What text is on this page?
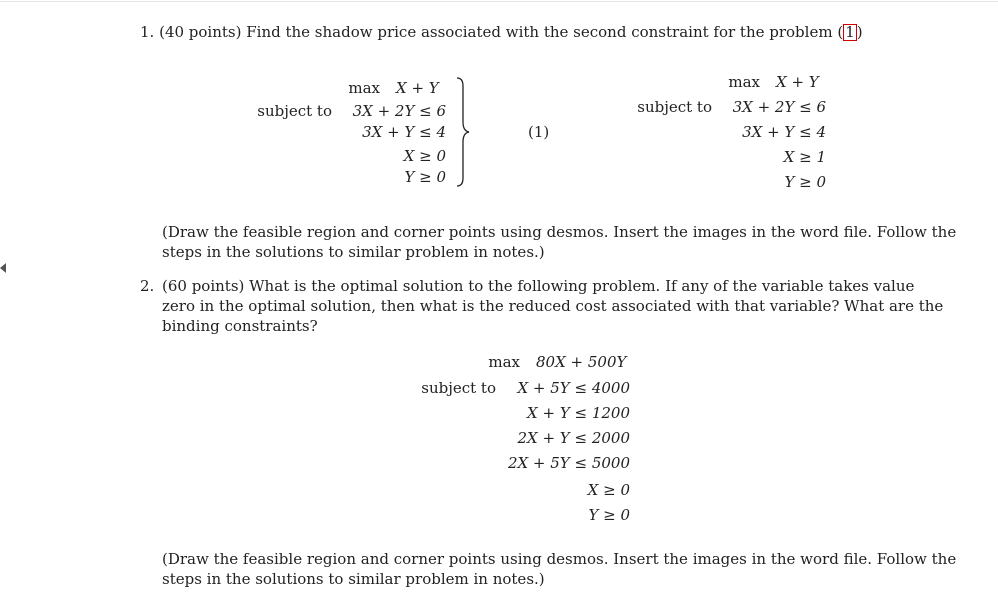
1. (40 points) Find the shadow price associated with the second constraint for the problem ( 1 )
max X + Y
subject to	3X + 2Y ≤ 6
3X + Y ≤ 4
X ≥ 0
Y ≥ 0
(1)
max X + Y
subject to	3X + 2Y ≤ 6
3X + Y ≤ 4
X ≥ 1
Y ≥ 0
(Draw the feasible region and corner points using desmos. Insert the images in the word file. Follow the
steps in the solutions to similar problem in notes.)
2. (60 points) What is the optimal solution to the following problem. If any of the variable takes value
zero in the optimal solution, then what is the reduced cost associated with that variable? What are the
binding constraints?
max 80X + 500Y
subject to	X + 5Y ≤ 4000
X + Y ≤ 1200
2X + Y ≤ 2000
2X + 5Y ≤ 5000
X ≥ 0
Y ≥ 0
(Draw the feasible region and corner points using desmos. Insert the images in the word file. Follow the
steps in the solutions to similar problem in notes.)
